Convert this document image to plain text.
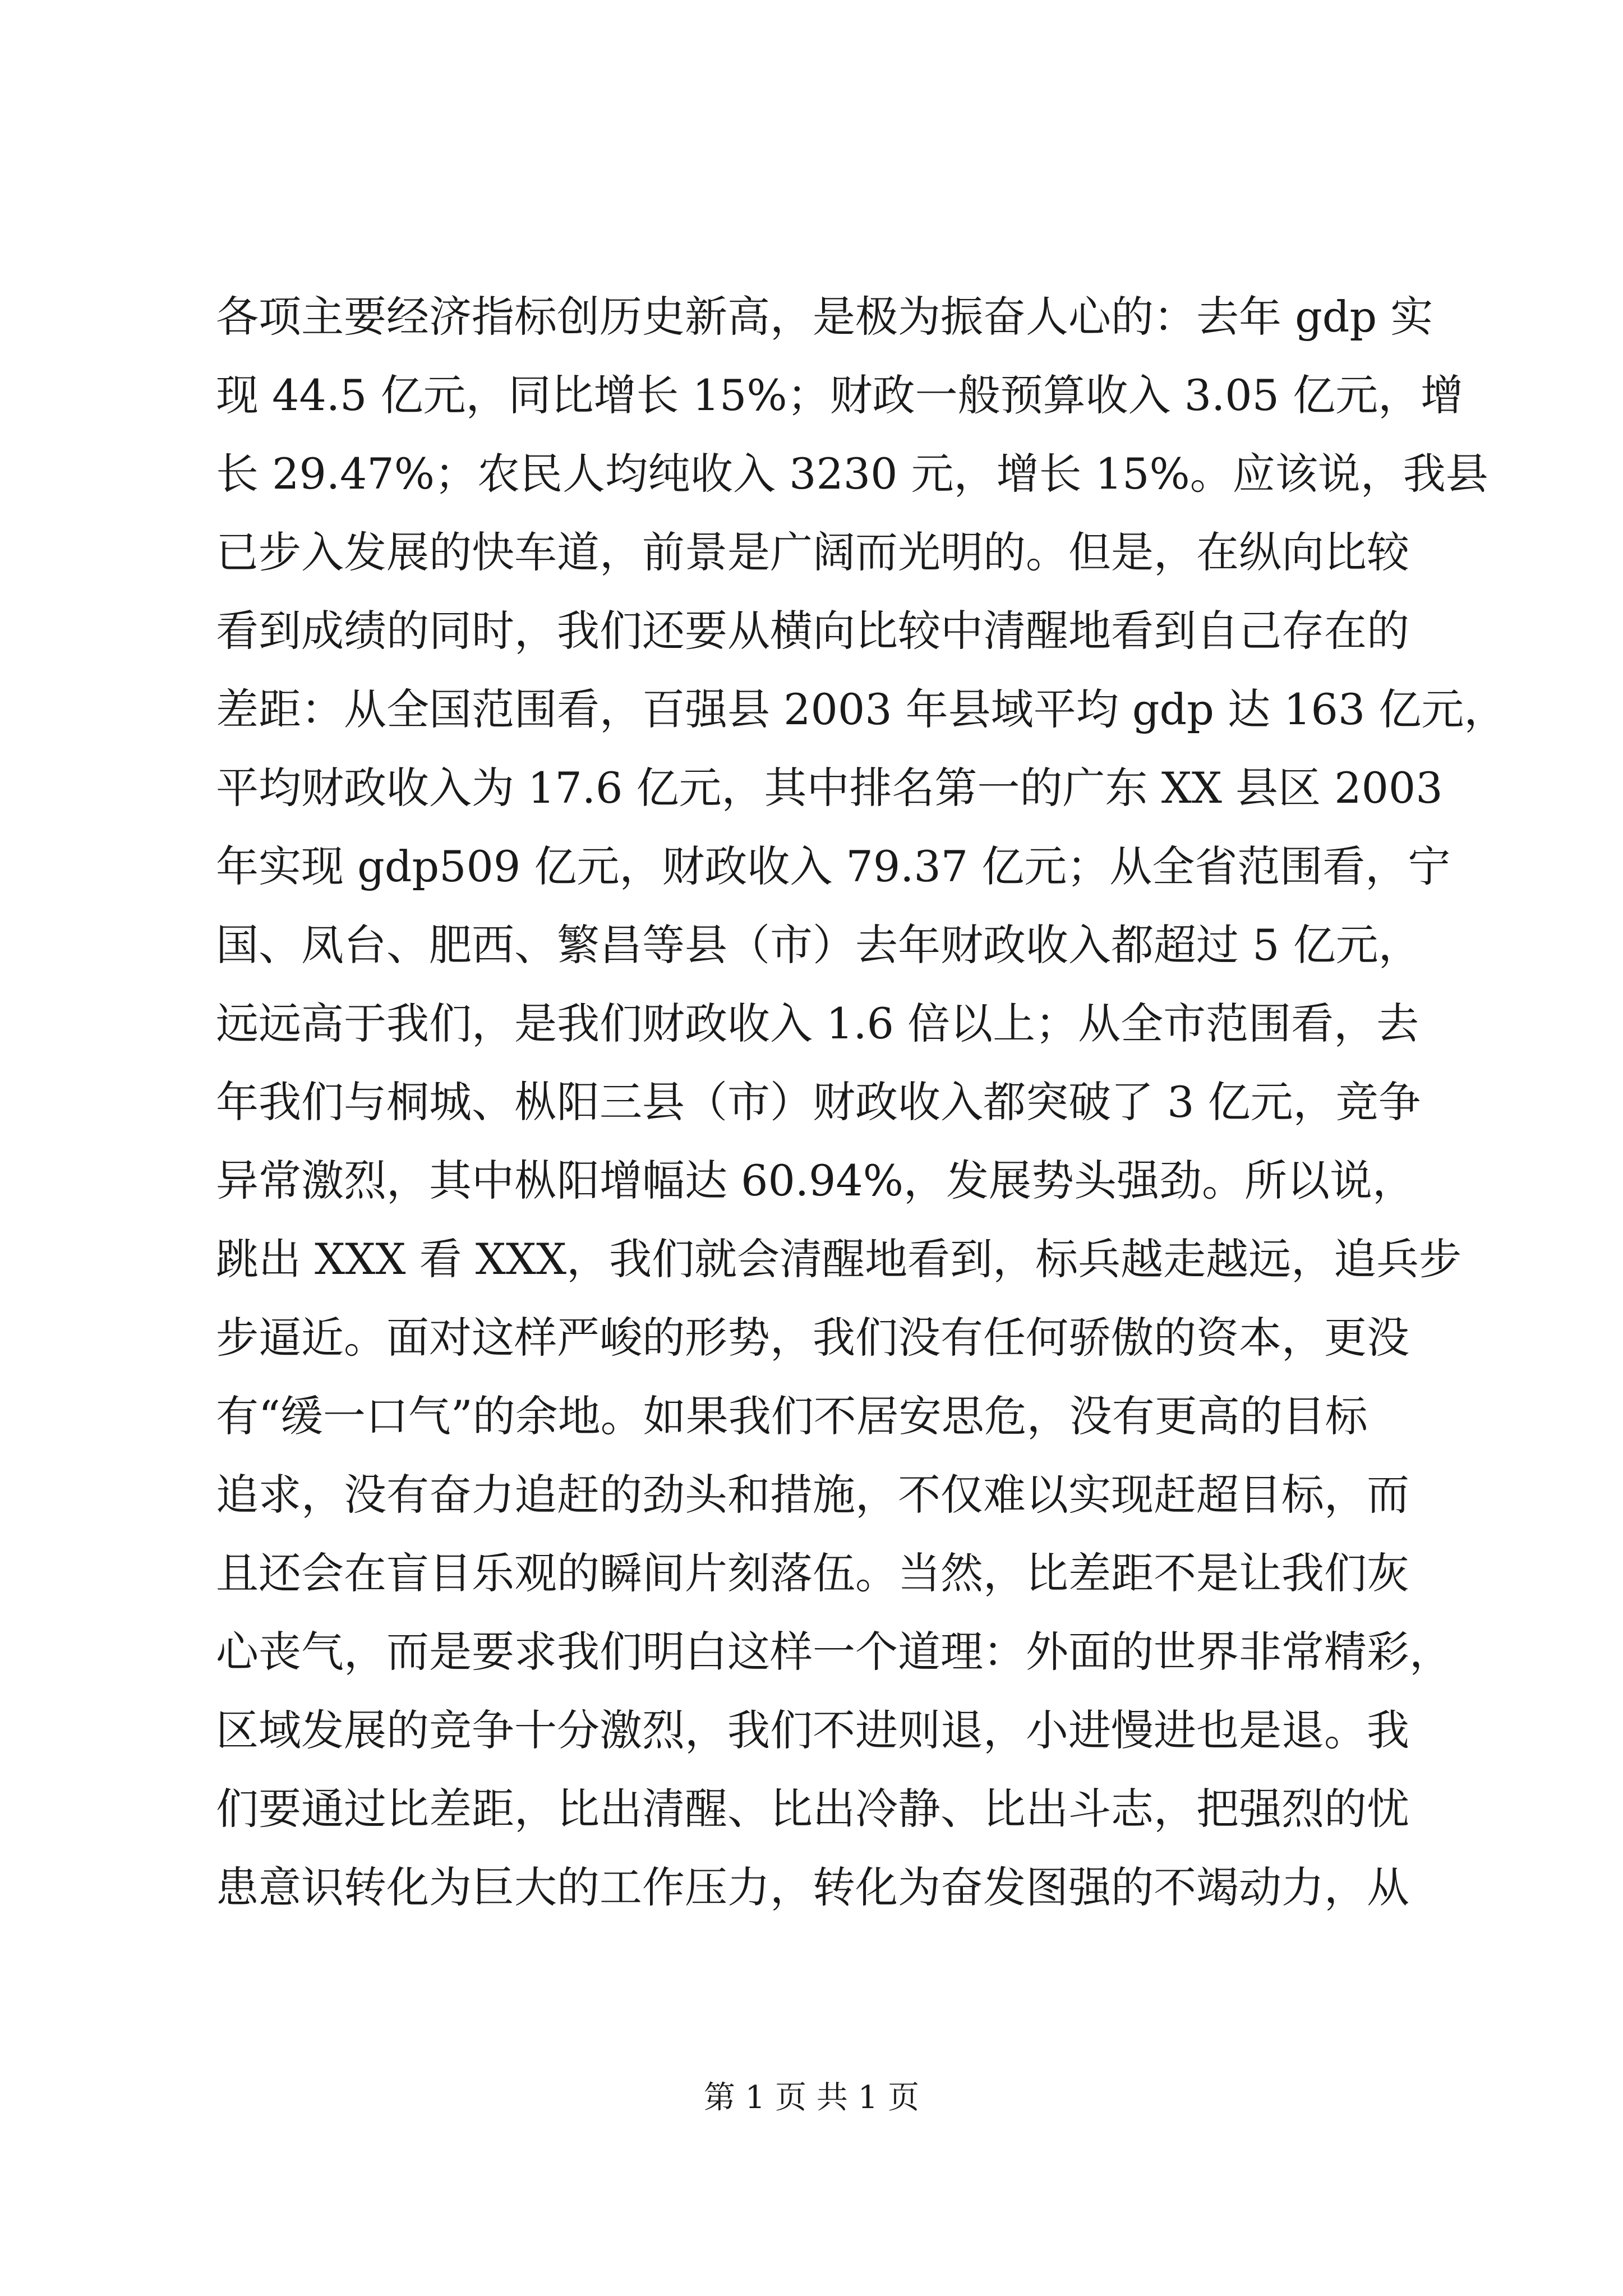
各项主要经济指标创历史新高，是极为振奋人心的：去年 gdp 实
现 44.5 亿元，同比增长 15%；财政一般预算收入 3.05 亿元，增
长 29.47%；农民人均纯收入 3230 元，增长 15%。应该说，我县
已步入发展的快车道，前景是广阔而光明的。但是，在纵向比较
看到成绩的同时，我们还要从横向比较中清醒地看到自己存在的
差距：从全国范围看，百强县 2003 年县域平均 gdp 达 163 亿元，
平均财政收入为 17.6 亿元，其中排名第一的广东 XX 县区 2003
年实现 gdp509 亿元，财政收入 79.37 亿元；从全省范围看，宁
国、凤台、肥西、繁昌等县（市）去年财政收入都超过 5 亿元，
远远高于我们，是我们财政收入 1.6 倍以上；从全市范围看，去
年我们与桐城、枞阳三县（市）财政收入都突破了 3 亿元，竞争
异常激烈，其中枞阳增幅达 60.94%，发展势头强劲。所以说，
跳出 XXX 看 XXX，我们就会清醒地看到，标兵越走越远，追兵步
步逼近。面对这样严峻的形势，我们没有任何骄傲的资本，更没
有“缓一口气”的余地。如果我们不居安思危，没有更高的目标
追求，没有奋力追赶的劲头和措施，不仅难以实现赶超目标，而
且还会在盲目乐观的瞬间片刻落伍。当然，比差距不是让我们灰
心丧气，而是要求我们明白这样一个道理：外面的世界非常精彩，
区域发展的竞争十分激烈，我们不进则退，小进慢进也是退。我
们要通过比差距，比出清醒、比出冷静、比出斗志，把强烈的忧
患意识转化为巨大的工作压力，转化为奋发图强的不竭动力，从
第 1 页 共 1 页
